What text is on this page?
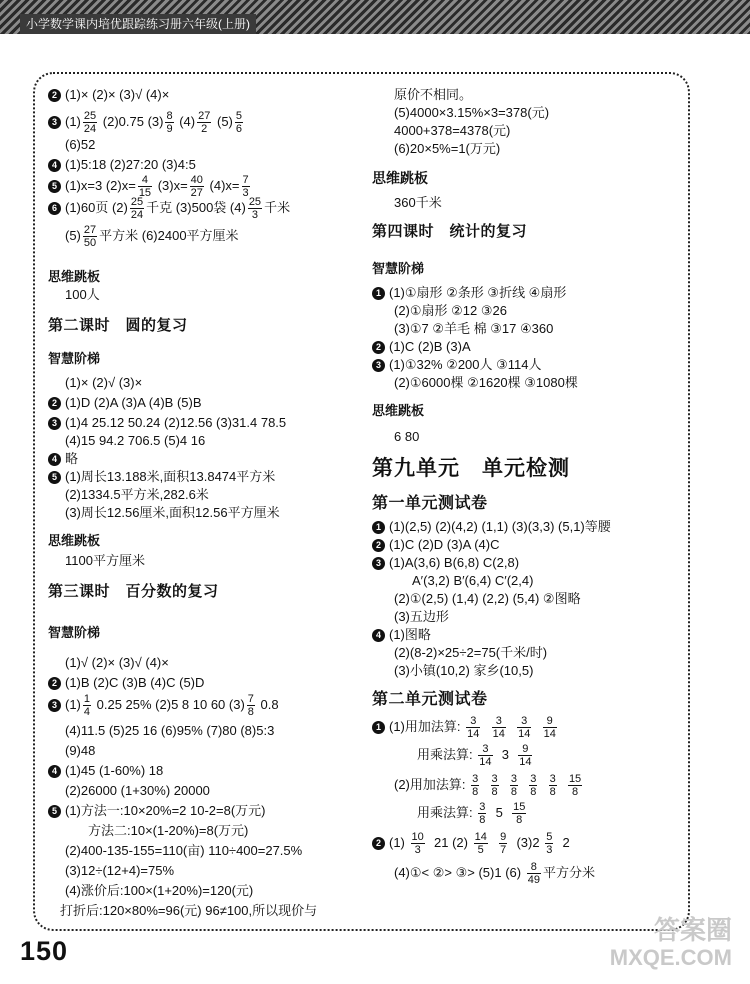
小学数学课内培优跟踪练习册六年级(上册)
2 (1)× (2)× (3)√ (4)×
3 $(1) \frac{25}{24} (2)0.75$ $(3) \frac{8}{9} (4) \frac{27}{2} (5) \frac{5}{6}$
(6)52
4 (1)5:18 (2)27:20 (3)4:5
5 (1)x=3 $(2)x= \frac{4}{15} (3)x= \frac{40}{27} (4)x= \frac{7}{3}$
6 (1)60页 $(2) \frac{25}{24}$ 千克 (3)500袋 $(4) \frac{25}{3}$ 千米
$(5) \frac{27}{50}$ 平方米 (6)2400平方厘米
思维跳板
100人
第二课时　圆的复习
智慧阶梯
(1)× (2)√ (3)×
2 (1)D (2)A (3)A (4)B (5)B
3 (1)4 25.12 50.24 (2)12.56 (3)31.4 78.5
(4)15 94.2 706.5 (5)4 16
4 略
5 (1)周长13.188米,面积13.8474平方米
(2)1334.5平方米,282.6米
(3)周长12.56厘米,面积12.56平方厘米
思维跳板
1100平方厘米
第三课时　百分数的复习
智慧阶梯
(1)√ (2)× (3)√ (4)×
2 (1)B (2)C (3)B (4)C (5)D
3 $(1) \frac{1}{4} 0.25$ 25% (2)5 8 10 60 $(3) \frac{7}{8} 0.8$
(4)11.5 (5)25 16 (6)95% (7)80 (8)5:3
(9)48
4 (1)45 (1-60%) 18
(2)26000 (1+30%) 20000
5 (1)方法一:10×20%=2 10-2=8(万元)
方法二:10×(1-20%)=8(万元)
(2)400-135-155=110(亩) 110÷400=27.5%
(3)12÷(12+4)=75%
(4)涨价后:100×(1+20%)=120(元)
打折后:120×80%=96(元) 96≠100,所以现价与
原价不相同。
(5)4000×3.15%×3=378(元)
4000+378=4378(元)
(6)20×5%=1(万元)
思维跳板
360千米
第四课时　统计的复习
智慧阶梯
1 (1)①扇形 ②条形 ③折线 ④扇形
(2)①扇形 ②12 ③26
(3)①7 ②羊毛 棉 ③17 ④360
2 (1)C (2)B (3)A
3 (1)①32% ②200人 ③114人
(2)①6000棵 ②1620棵 ③1080棵
思维跳板
6 80
第九单元　单元检测
第一单元测试卷
1 (1)(2,5) (2)(4,2) (1,1) (3)(3,3) (5,1)等腰
2 (1)C (2)D (3)A (4)C
3 (1)A(3,6) B(6,8) C(2,8)
A′(3,2) B′(6,4) C′(2,4)
(2)①(2,5) (1,4) (2,2) (5,4) ②图略
(3)五边形
4 (1)图略
(2)(8-2)×25÷2=75(千米/时)
(3)小镇(10,2) 家乡(10,5)
第二单元测试卷
1 (1)用加法算: $\frac{3}{14}$
$\frac{3}{14}$
$\frac{3}{14}$
$\frac{9}{14}$
用乘法算: $\frac{3}{14} 3 \frac{9}{14}$
(2)用加法算: $\frac{3}{8}$
$\frac{3}{8}$
$\frac{3}{8}$
$\frac{3}{8}$
$\frac{3}{8}$
$\frac{15}{8}$
用乘法算: $\frac{3}{8} 5 \frac{15}{8}$
2 $(1) \frac{10}{3} 21$ $(2) \frac{14}{5}$
$\frac{9}{7} (3)2 \frac{5}{3} 2$
(4)①< ②> ③> (5)1 $(6) \frac{8}{49}$ 平方分米
150
答案圈
MXQE.COM
